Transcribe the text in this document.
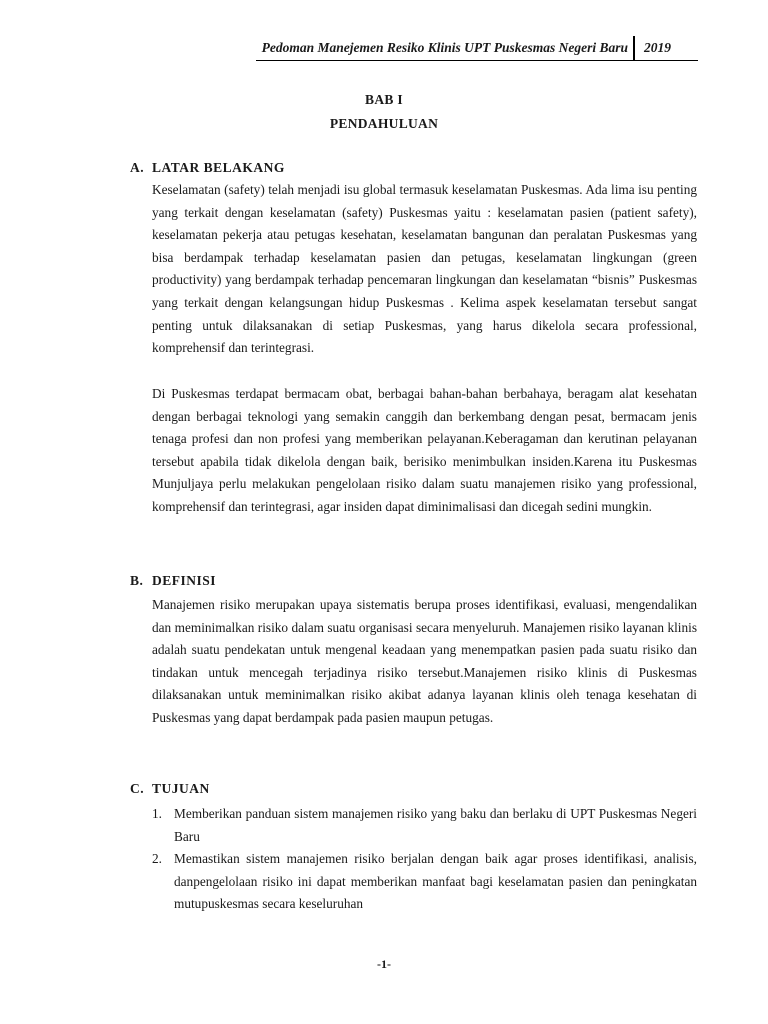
Pedoman Manejemen Resiko Klinis UPT Puskesmas Negeri Baru 2019
BAB I
PENDAHULUAN
A. LATAR BELAKANG

Keselamatan (safety) telah menjadi isu global termasuk keselamatan Puskesmas. Ada lima isu penting yang terkait dengan keselamatan (safety) Puskesmas yaitu : keselamatan pasien (patient safety), keselamatan pekerja atau petugas kesehatan, keselamatan bangunan dan peralatan Puskesmas yang bisa berdampak terhadap keselamatan pasien dan petugas, keselamatan lingkungan (green productivity) yang berdampak terhadap pencemaran lingkungan dan keselamatan “bisnis” Puskesmas yang terkait dengan kelangsungan hidup Puskesmas . Kelima aspek keselamatan tersebut sangat penting untuk dilaksanakan di setiap Puskesmas, yang harus dikelola secara professional, komprehensif dan terintegrasi.

Di Puskesmas terdapat bermacam obat, berbagai bahan-bahan berbahaya, beragam alat kesehatan dengan berbagai teknologi yang semakin canggih dan berkembang dengan pesat, bermacam jenis tenaga profesi dan non profesi yang memberikan pelayanan.Keberagaman dan kerutinan pelayanan tersebut apabila tidak dikelola dengan baik, berisiko menimbulkan insiden.Karena itu Puskesmas Munjuljaya perlu melakukan pengelolaan risiko dalam suatu manajemen risiko yang professional, komprehensif dan terintegrasi, agar insiden dapat diminimalisasi dan dicegah sedini mungkin.

B. DEFINISI

Manajemen risiko merupakan upaya sistematis berupa proses identifikasi, evaluasi, mengendalikan dan meminimalkan risiko dalam suatu organisasi secara menyeluruh. Manajemen risiko layanan klinis adalah suatu pendekatan untuk mengenal keadaan yang menempatkan pasien pada suatu risiko dan tindakan untuk mencegah terjadinya risiko tersebut.Manajemen risiko klinis di Puskesmas dilaksanakan untuk meminimalkan risiko akibat adanya layanan klinis oleh tenaga kesehatan di Puskesmas yang dapat berdampak pada pasien maupun petugas.

C. TUJUAN
1. Memberikan panduan sistem manajemen risiko yang baku dan berlaku di UPT Puskesmas Negeri Baru
2. Memastikan sistem manajemen risiko berjalan dengan baik agar proses identifikasi, analisis, danpengelolaan risiko ini dapat memberikan manfaat bagi keselamatan pasien dan peningkatan mutupuskesmas secara keseluruhan
-1-
